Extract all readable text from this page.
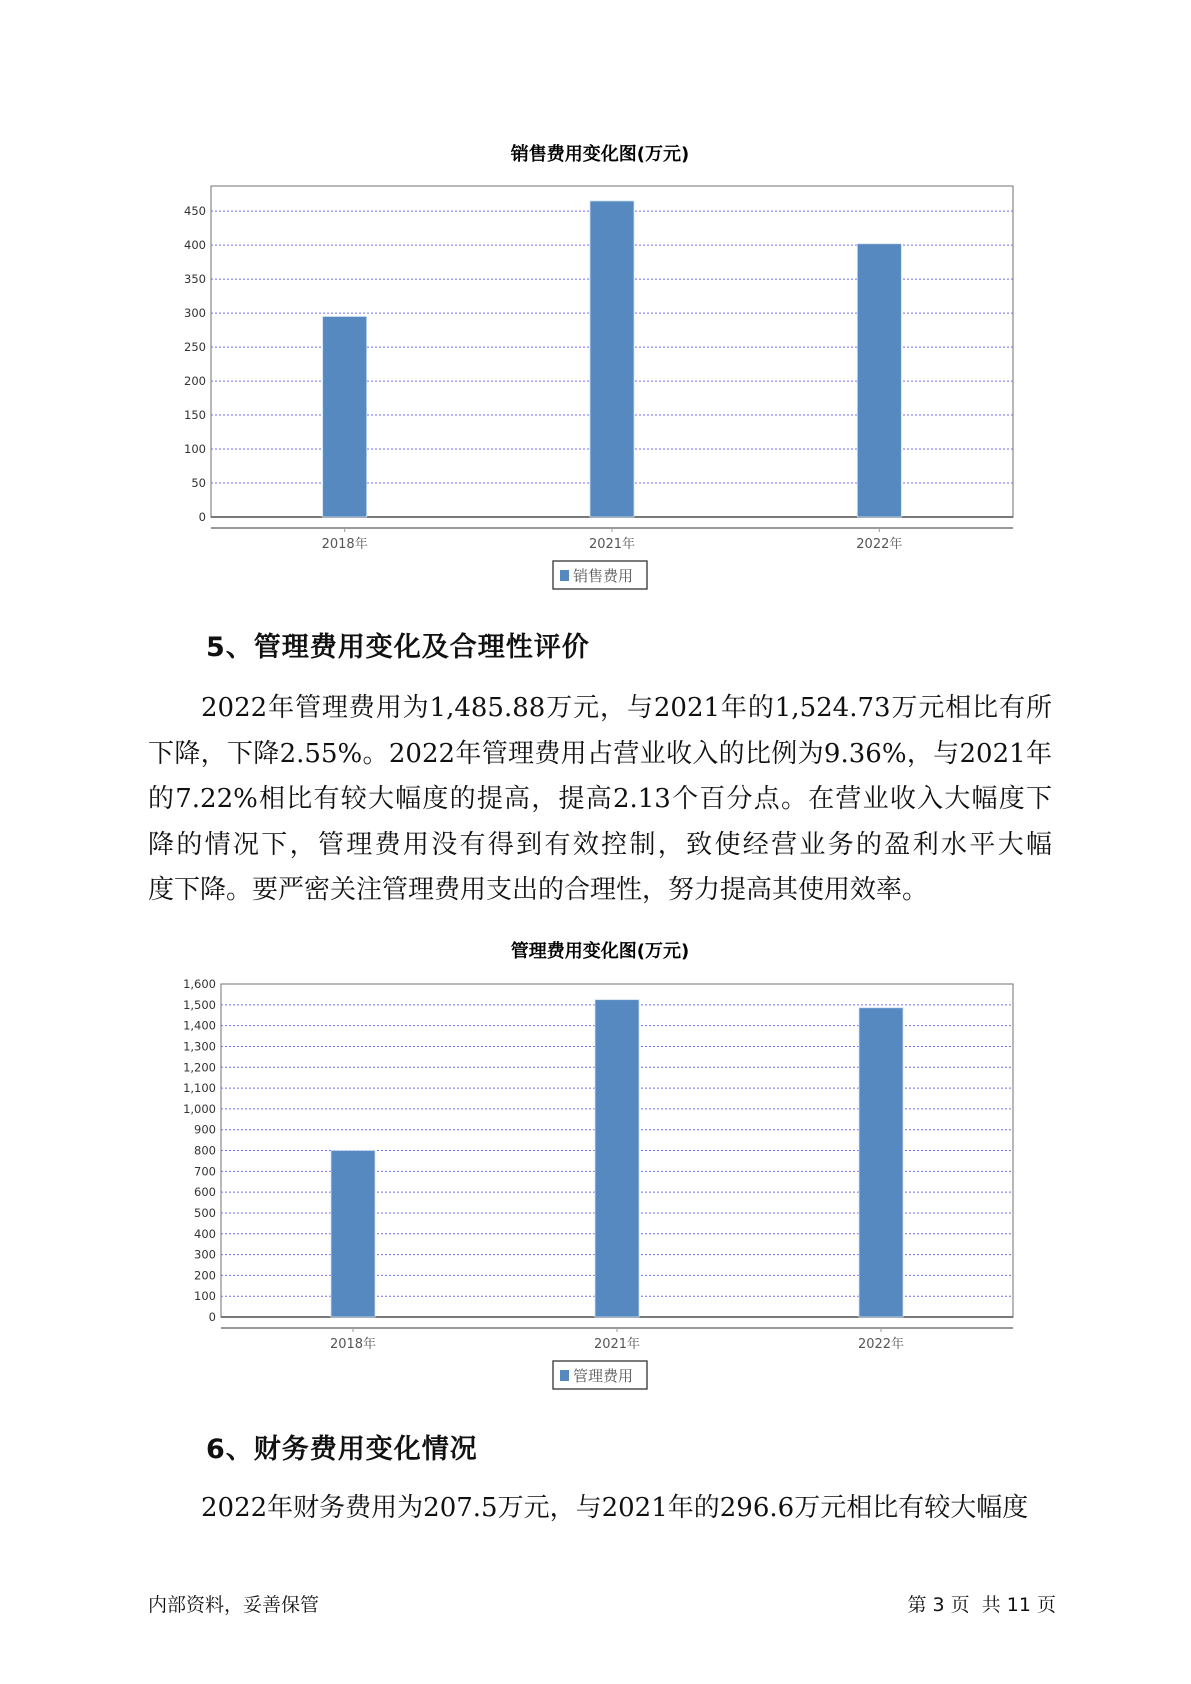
销售费用变化图(万元)
0
50
100
150
200
250
300
350
400
450
2018年	2021年	2022年
销售费用
5、管理费用变化及合理性评价
2022年管理费用为1,485.88万元，与2021年的1,524.73万元相比有所
下降，下降2.55%。2022年管理费用占营业收入的比例为9.36%，与2021年
的7.22%相比有较大幅度的提高，提高2.13个百分点。在营业收入大幅度下
降的情况下，管理费用没有得到有效控制，致使经营业务的盈利水平大幅
度下降。要严密关注管理费用支出的合理性，努力提高其使用效率。
管理费用变化图(万元)
0
100
200
300
400
500
600
700
800
900
1,000
1,100
1,200
1,300
1,400
1,500
1,600
2018年	2021年	2022年
管理费用
6、财务费用变化情况
2022年财务费用为207.5万元，与2021年的296.6万元相比有较大幅度
内部资料，妥善保管	第 3 页  共 11 页
